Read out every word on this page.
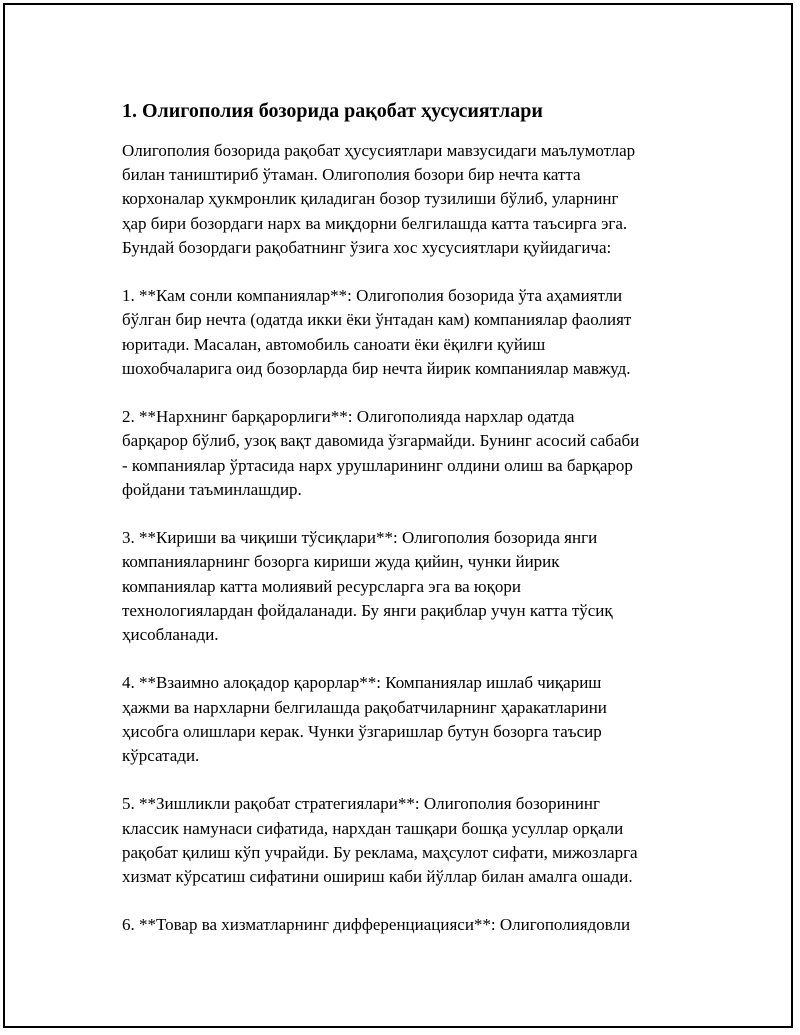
1. Олигополия бозорида рақобат ҳусусиятлари

Олигополия бозорида рақобат ҳусусиятлари мавзусидаги маълумотлар
билан таништириб ўтаман. Олигополия бозори бир нечта катта
корхоналар ҳукмронлик қиладиган бозор тузилиши бўлиб, уларнинг
ҳар бири бозордаги нарх ва миқдорни белгилашда катта таъсирга эга.
Бундай бозордаги рақобатнинг ўзига хос хусусиятлари қуйидагича:

1. **Кам сонли компаниялар**: Олигополия бозорида ўта аҳамиятли
бўлган бир нечта (одатда икки ёки ўнтадан кам) компаниялар фаолият
юритади. Масалан, автомобиль саноати ёки ёқилғи қуйиш
шохобчаларига оид бозорларда бир нечта йирик компаниялар мавжуд.

2. **Нархнинг барқарорлиги**: Олигополияда нархлар одатда
барқарор бўлиб, узоқ вақт давомида ўзгармайди. Бунинг асосий сабаби
- компаниялар ўртасида нарх урушларининг олдини олиш ва барқарор
фойдани таъминлашдир.

3. **Кириши ва чиқиши тўсиқлари**: Олигополия бозорида янги
компанияларнинг бозорга кириши жуда қийин, чунки йирик
компаниялар катта молиявий ресурсларга эга ва юқори
технологиялардан фойдаланади. Бу янги рақиблар учун катта тўсиқ
ҳисобланади.

4. **Взаимно алоқадор қарорлар**: Компаниялар ишлаб чиқариш
ҳажми ва нархларни белгилашда рақобатчиларнинг ҳаракатларини
ҳисобга олишлари керак. Чунки ўзгаришлар бутун бозорга таъсир
кўрсатади.

5. **Зишликли рақобат стратегиялари**: Олигополия бозорининг
классик намунаси сифатида, нархдан ташқари бошқа усуллар орқали
рақобат қилиш кўп учрайди. Бу реклама, маҳсулот сифати, мижозларга
хизмат кўрсатиш сифатини ошириш каби йўллар билан амалга ошади.

6. **Товар ва хизматларнинг дифференциацияси**: Олигополиядовли
